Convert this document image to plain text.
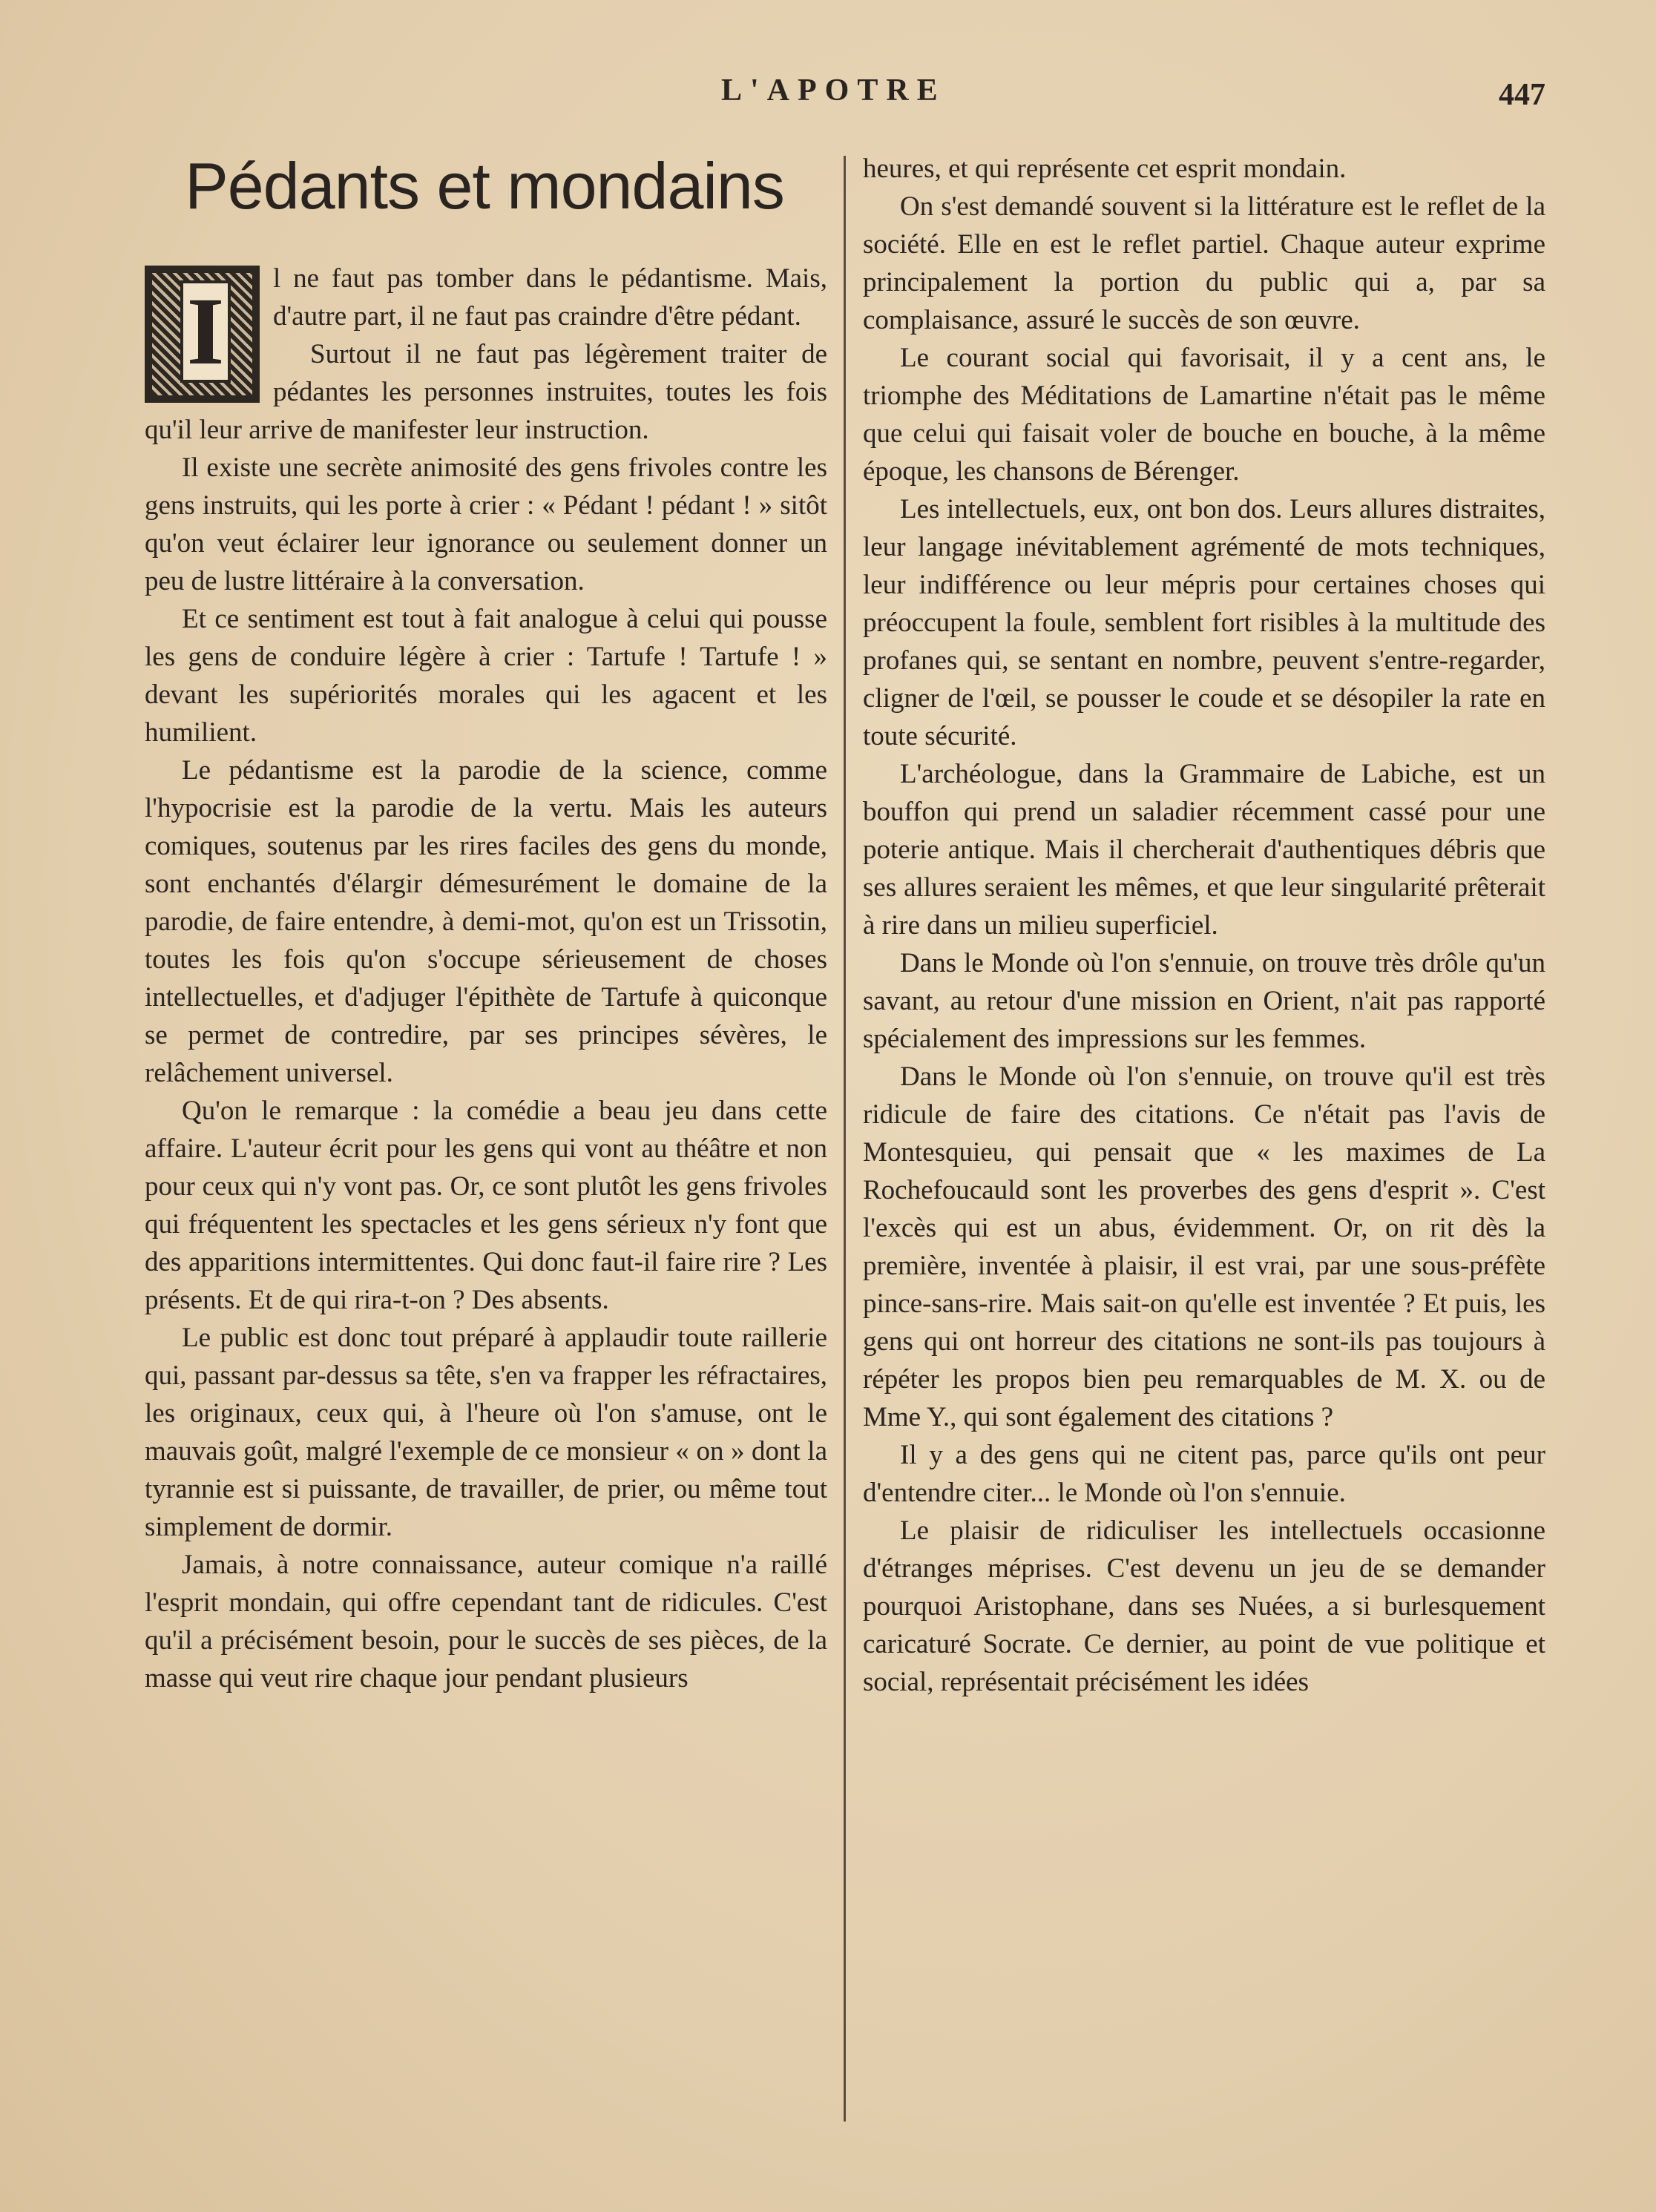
L'APOTRE	447
Pédants et mondains
I	l ne faut pas tomber dans le pédantisme. Mais, d'autre part, il ne faut pas craindre d'être pédant.

Surtout il ne faut pas légèrement traiter de pédantes les personnes instruites, toutes les fois qu'il leur arrive de manifester leur instruction.

Il existe une secrète animosité des gens frivoles contre les gens instruits, qui les porte à crier : « Pédant ! pédant ! » sitôt qu'on veut éclairer leur ignorance ou seulement donner un peu de lustre littéraire à la conversation.

Et ce sentiment est tout à fait analogue à celui qui pousse les gens de conduire légère à crier : Tartufe ! Tartufe ! » devant les supériorités morales qui les agacent et les humilient.

Le pédantisme est la parodie de la science, comme l'hypocrisie est la parodie de la vertu. Mais les auteurs comiques, soutenus par les rires faciles des gens du monde, sont enchantés d'élargir démesurément le domaine de la parodie, de faire entendre, à demi-mot, qu'on est un Trissotin, toutes les fois qu'on s'occupe sérieusement de choses intellectuelles, et d'adjuger l'épithète de Tartufe à quiconque se permet de contredire, par ses principes sévères, le relâchement universel.

Qu'on le remarque : la comédie a beau jeu dans cette affaire. L'auteur écrit pour les gens qui vont au théâtre et non pour ceux qui n'y vont pas. Or, ce sont plutôt les gens frivoles qui fréquentent les spectacles et les gens sérieux n'y font que des apparitions intermittentes. Qui donc faut-il faire rire ? Les présents. Et de qui rira-t-on ? Des absents.

Le public est donc tout préparé à applaudir toute raillerie qui, passant par-dessus sa tête, s'en va frapper les réfractaires, les originaux, ceux qui, à l'heure où l'on s'amuse, ont le mauvais goût, malgré l'exemple de ce monsieur « on » dont la tyrannie est si puissante, de travailler, de prier, ou même tout simplement de dormir.

Jamais, à notre connaissance, auteur comique n'a raillé l'esprit mondain, qui offre cependant tant de ridicules. C'est qu'il a précisément besoin, pour le succès de ses pièces, de la masse qui veut rire chaque jour pendant plusieurs

heures, et qui représente cet esprit mondain.

On s'est demandé souvent si la littérature est le reflet de la société. Elle en est le reflet partiel. Chaque auteur exprime principalement la portion du public qui a, par sa complaisance, assuré le succès de son œuvre.

Le courant social qui favorisait, il y a cent ans, le triomphe des Méditations de Lamartine n'était pas le même que celui qui faisait voler de bouche en bouche, à la même époque, les chansons de Bérenger.

Les intellectuels, eux, ont bon dos. Leurs allures distraites, leur langage inévitablement agrémenté de mots techniques, leur indifférence ou leur mépris pour certaines choses qui préoccupent la foule, semblent fort risibles à la multitude des profanes qui, se sentant en nombre, peuvent s'entre-regarder, cligner de l'œil, se pousser le coude et se désopiler la rate en toute sécurité.

L'archéologue, dans la Grammaire de Labiche, est un bouffon qui prend un saladier récemment cassé pour une poterie antique. Mais il chercherait d'authentiques débris que ses allures seraient les mêmes, et que leur singularité prêterait à rire dans un milieu superficiel.

Dans le Monde où l'on s'ennuie, on trouve très drôle qu'un savant, au retour d'une mission en Orient, n'ait pas rapporté spécialement des impressions sur les femmes.

Dans le Monde où l'on s'ennuie, on trouve qu'il est très ridicule de faire des citations. Ce n'était pas l'avis de Montesquieu, qui pensait que « les maximes de La Rochefoucauld sont les proverbes des gens d'esprit ». C'est l'excès qui est un abus, évidemment. Or, on rit dès la première, inventée à plaisir, il est vrai, par une sous-préfète pince-sans-rire. Mais sait-on qu'elle est inventée ? Et puis, les gens qui ont horreur des citations ne sont-ils pas toujours à répéter les propos bien peu remarquables de M. X. ou de Mme Y., qui sont également des citations ?

Il y a des gens qui ne citent pas, parce qu'ils ont peur d'entendre citer... le Monde où l'on s'ennuie.

Le plaisir de ridiculiser les intellectuels occasionne d'étranges méprises. C'est devenu un jeu de se demander pourquoi Aristophane, dans ses Nuées, a si burlesquement caricaturé Socrate. Ce dernier, au point de vue politique et social, représentait précisément les idées
